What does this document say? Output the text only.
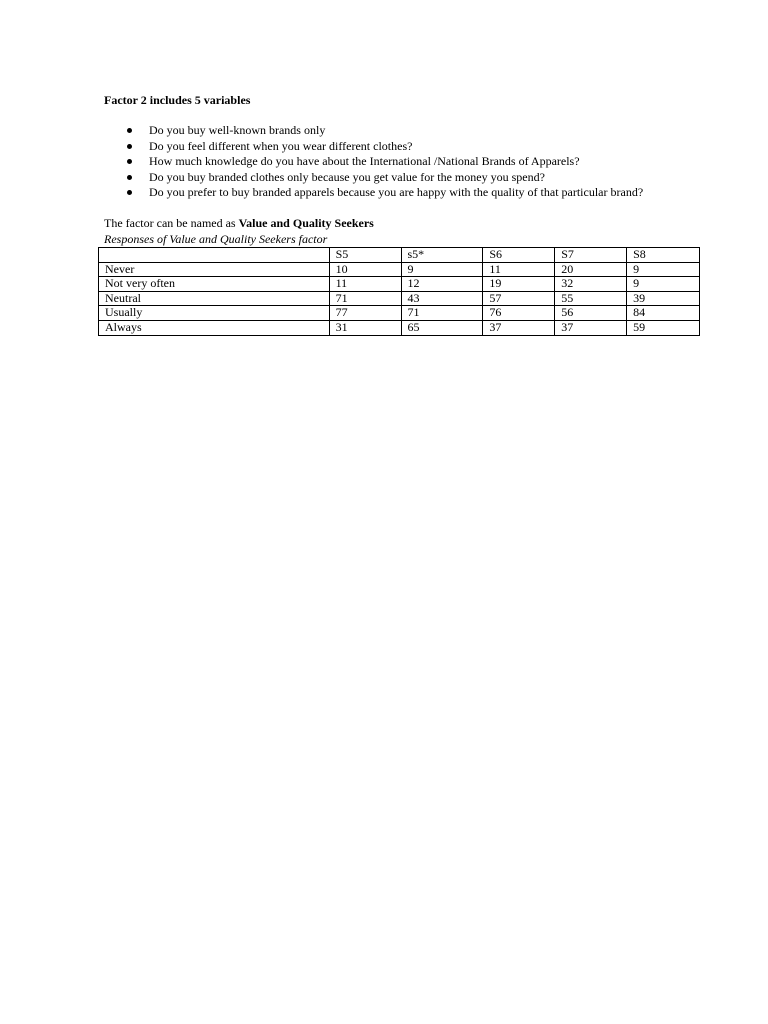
Factor 2 includes 5 variables
Do you buy well-known brands only
Do you feel different when you wear different clothes?
How much knowledge do you have about the International /National Brands of Apparels?
Do you buy branded clothes only because you get value for the money you spend?
Do you prefer to buy branded apparels because you are happy with the quality of that particular brand?
The factor can be named as Value and Quality Seekers
Responses of Value and Quality Seekers factor
	S5	s5*	S6	S7	S8
Never	10	9	11	20	9
Not very often	11	12	19	32	9
Neutral	71	43	57	55	39
Usually	77	71	76	56	84
Always	31	65	37	37	59
